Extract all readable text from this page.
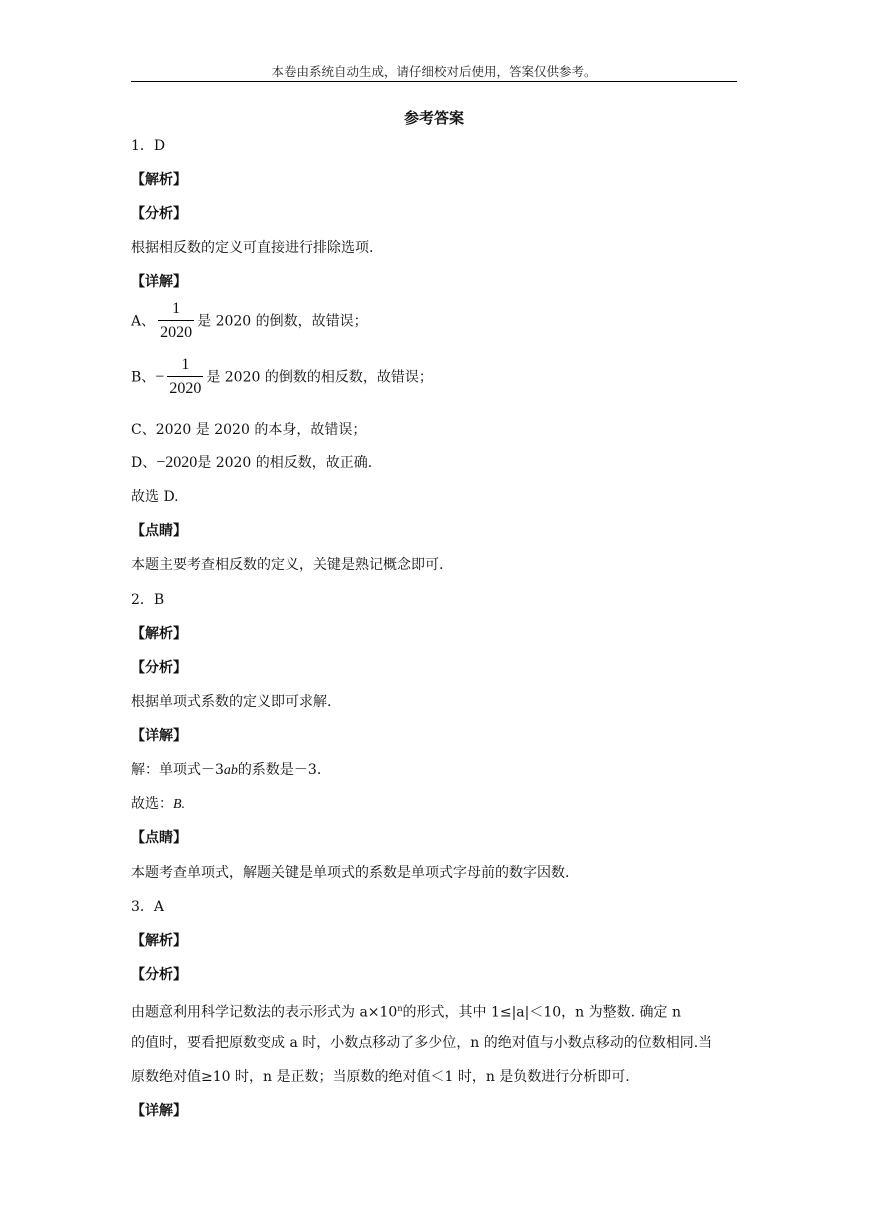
本卷由系统自动生成，请仔细校对后使用，答案仅供参考。
参考答案
1．D
【解析】
【分析】
根据相反数的定义可直接进行排除选项.
【详解】
A、 $\frac{1}{2020}$ 是 2020 的倒数，故错误；
B、− $\frac{1}{2020}$ 是 2020 的倒数的相反数，故错误；
C、2020 是 2020 的本身，故错误；
D、−2020是 2020 的相反数，故正确.
故选 D.
【点睛】
本题主要考查相反数的定义，关键是熟记概念即可.
2．B
【解析】
【分析】
根据单项式系数的定义即可求解.
【详解】
解：单项式－3ab的系数是－3.
故选：B.
【点睛】
本题考查单项式，解题关键是单项式的系数是单项式字母前的数字因数.
3．A
【解析】
【分析】
由题意利用科学记数法的表示形式为 $a\times 10^n$的形式，其中 1≤|a|＜10，n 为整数. 确定 n
的值时，要看把原数变成 a 时，小数点移动了多少位，n 的绝对值与小数点移动的位数相同.当
原数绝对值≥10 时，n 是正数；当原数的绝对值＜1 时，n 是负数进行分析即可.
【详解】
